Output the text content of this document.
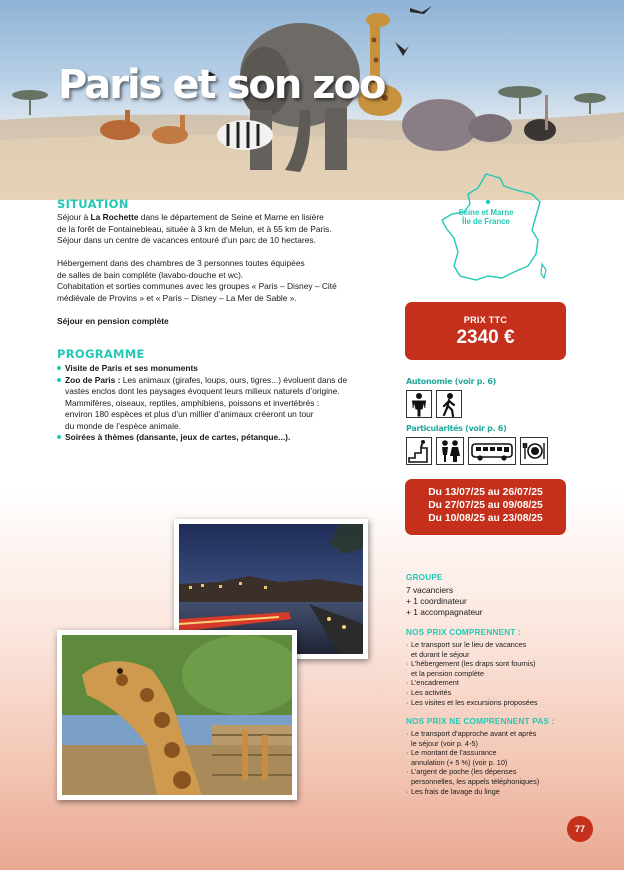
Paris et son zoo
SITUATION

Séjour à La Rochette dans le département de Seine et Marne en lisière

de la forêt de Fontainebleau, située à 3 km de Melun, et à 55 km de Paris.

Séjour dans un centre de vacances entouré d’un parc de 10 hectares.

Hébergement dans des chambres de 3 personnes toutes équipées

de salles de bain complète (lavabo-douche et wc).

Cohabitation et sorties communes avec les groupes « Paris – Disney – Cité

médiévale de Provins » et « Paris – Disney – La Mer de Sable ».

Séjour en pension complète

PROGRAMME
Visite de Paris et ses monuments
Zoo de Paris : Les animaux (girafes, loups, ours, tigres...) évoluent dans de
vastes enclos dont les paysages évoquent leurs milieux naturels d’origine.
Mammifères, oiseaux, reptiles, amphibiens, poissons et invertébrés :
environ 180 espèces et plus d’un millier d’animaux créeront un tour
du monde de l’espèce animale.
Soirées à thèmes (dansante, jeux de cartes, pétanque...).
Seine et Marne
Île de France
PRIX TTC
2340 €
Autonomie (voir p. 6)
Particularités (voir p. 6)
Du 13/07/25 au 26/07/25
Du 27/07/25 au 09/08/25
Du 10/08/25 au 23/08/25
GROUPE
7 vacanciers
+ 1 coordinateur
+ 1 accompagnateur
NOS PRIX COMPRENNENT :
· Le transport sur le lieu de vacances
et durant le séjour
· L’hébergement (les draps sont fournis)
et la pension complète
· L’encadrement
· Les activités
· Les visites et les excursions proposées
NOS PRIX NE COMPRENNENT PAS :
· Le transport d’approche avant et après
le séjour (voir p. 4-5)
· Le montant de l’assurance
annulation (+ 5 %) (voir p. 10)
· L’argent de poche (les dépenses
personnelles, les appels téléphoniques)
· Les frais de lavage du linge
77
